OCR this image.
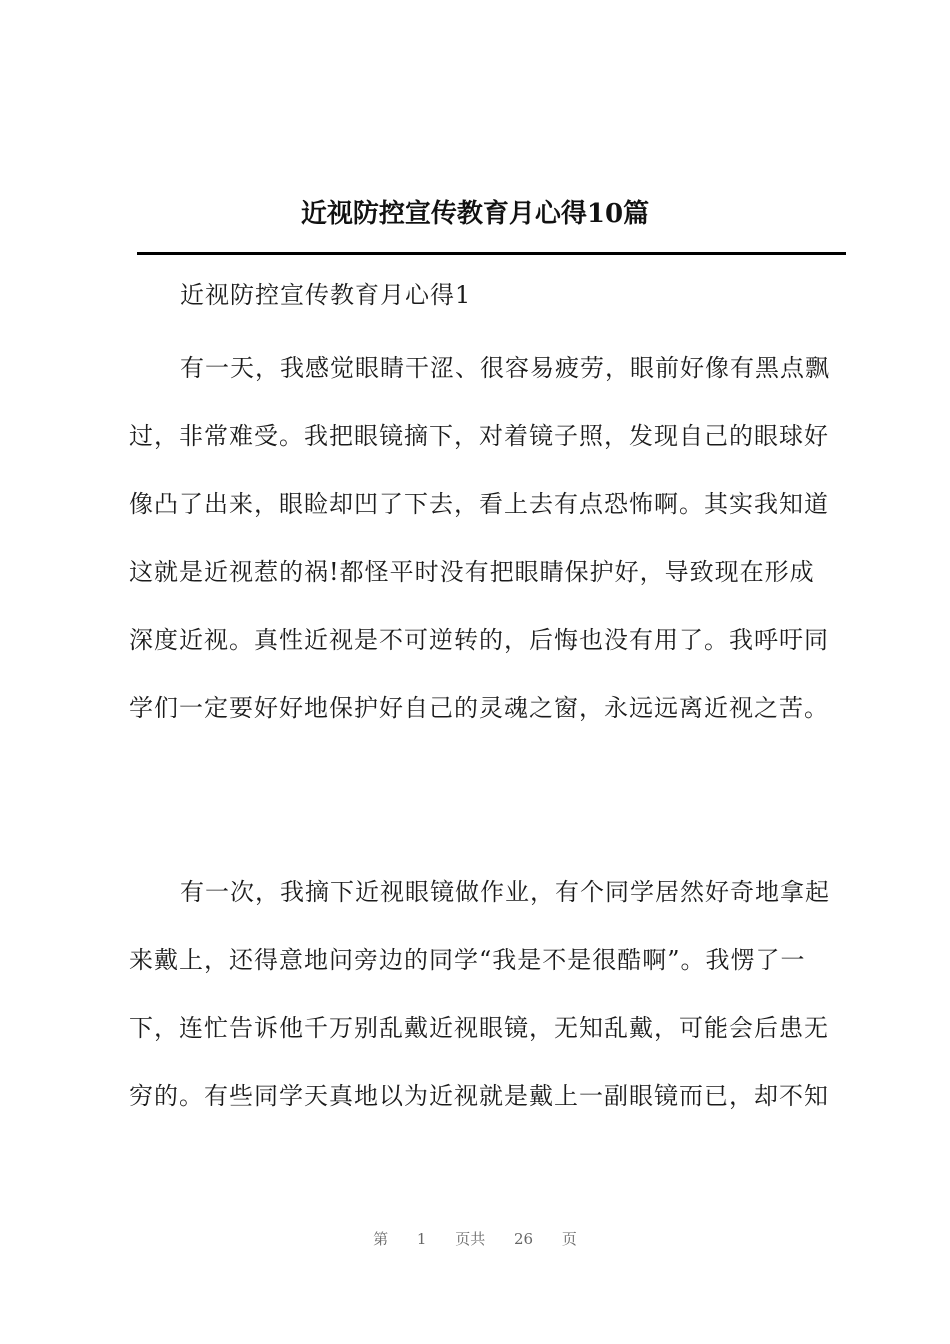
近视防控宣传教育月心得10篇
近视防控宣传教育月心得1
有一天，我感觉眼睛干涩、很容易疲劳，眼前好像有黑点飘
过，非常难受。我把眼镜摘下，对着镜子照，发现自己的眼球好
像凸了出来，眼睑却凹了下去，看上去有点恐怖啊。其实我知道
这就是近视惹的祸!都怪平时没有把眼睛保护好，导致现在形成
深度近视。真性近视是不可逆转的，后悔也没有用了。我呼吁同
学们一定要好好地保护好自己的灵魂之窗，永远远离近视之苦。
有一次，我摘下近视眼镜做作业，有个同学居然好奇地拿起
来戴上，还得意地问旁边的同学“我是不是很酷啊”。我愣了一
下，连忙告诉他千万别乱戴近视眼镜，无知乱戴，可能会后患无
穷的。有些同学天真地以为近视就是戴上一副眼镜而已，却不知
第 1 页共 26 页
